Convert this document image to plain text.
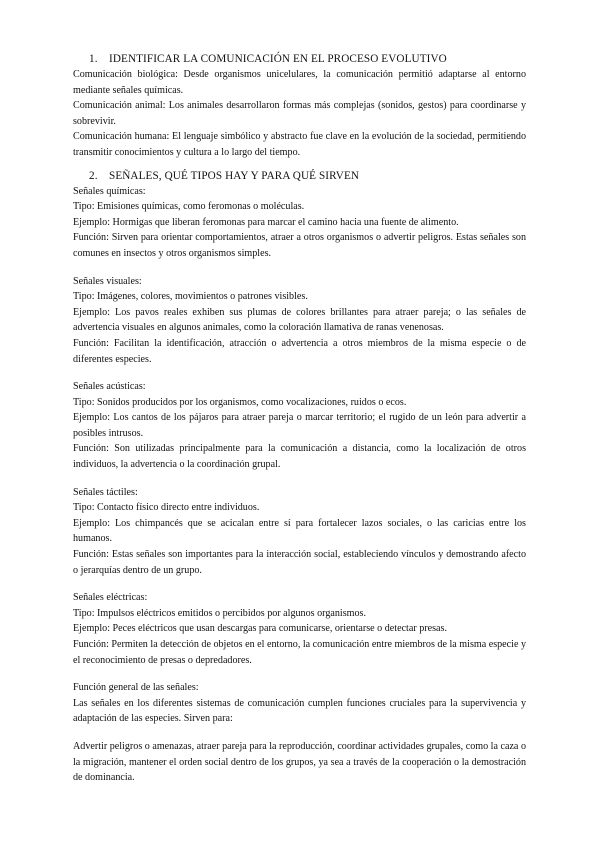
1. IDENTIFICAR LA COMUNICACIÓN EN EL PROCESO EVOLUTIVO

Comunicación biológica: Desde organismos unicelulares, la comunicación permitió adaptarse al entorno mediante señales químicas.

Comunicación animal: Los animales desarrollaron formas más complejas (sonidos, gestos) para coordinarse y sobrevivir.

Comunicación humana: El lenguaje simbólico y abstracto fue clave en la evolución de la sociedad, permitiendo transmitir conocimientos y cultura a lo largo del tiempo.

2. SEÑALES, QUÉ TIPOS HAY Y PARA QUÉ SIRVEN

Señales químicas:

Tipo: Emisiones químicas, como feromonas o moléculas.

Ejemplo: Hormigas que liberan feromonas para marcar el camino hacia una fuente de alimento.

Función: Sirven para orientar comportamientos, atraer a otros organismos o advertir peligros. Estas señales son comunes en insectos y otros organismos simples.

Señales visuales:

Tipo: Imágenes, colores, movimientos o patrones visibles.

Ejemplo: Los pavos reales exhiben sus plumas de colores brillantes para atraer pareja; o las señales de advertencia visuales en algunos animales, como la coloración llamativa de ranas venenosas.

Función: Facilitan la identificación, atracción o advertencia a otros miembros de la misma especie o de diferentes especies.

Señales acústicas:

Tipo: Sonidos producidos por los organismos, como vocalizaciones, ruidos o ecos.

Ejemplo: Los cantos de los pájaros para atraer pareja o marcar territorio; el rugido de un león para advertir a posibles intrusos.

Función: Son utilizadas principalmente para la comunicación a distancia, como la localización de otros individuos, la advertencia o la coordinación grupal.

Señales táctiles:

Tipo: Contacto físico directo entre individuos.

Ejemplo: Los chimpancés que se acicalan entre sí para fortalecer lazos sociales, o las caricias entre los humanos.

Función: Estas señales son importantes para la interacción social, estableciendo vínculos y demostrando afecto o jerarquías dentro de un grupo.

Señales eléctricas:

Tipo: Impulsos eléctricos emitidos o percibidos por algunos organismos.

Ejemplo: Peces eléctricos que usan descargas para comunicarse, orientarse o detectar presas.

Función: Permiten la detección de objetos en el entorno, la comunicación entre miembros de la misma especie y el reconocimiento de presas o depredadores.

Función general de las señales:

Las señales en los diferentes sistemas de comunicación cumplen funciones cruciales para la supervivencia y adaptación de las especies. Sirven para:

Advertir peligros o amenazas, atraer pareja para la reproducción, coordinar actividades grupales, como la caza o la migración, mantener el orden social dentro de los grupos, ya sea a través de la cooperación o la demostración de dominancia.
